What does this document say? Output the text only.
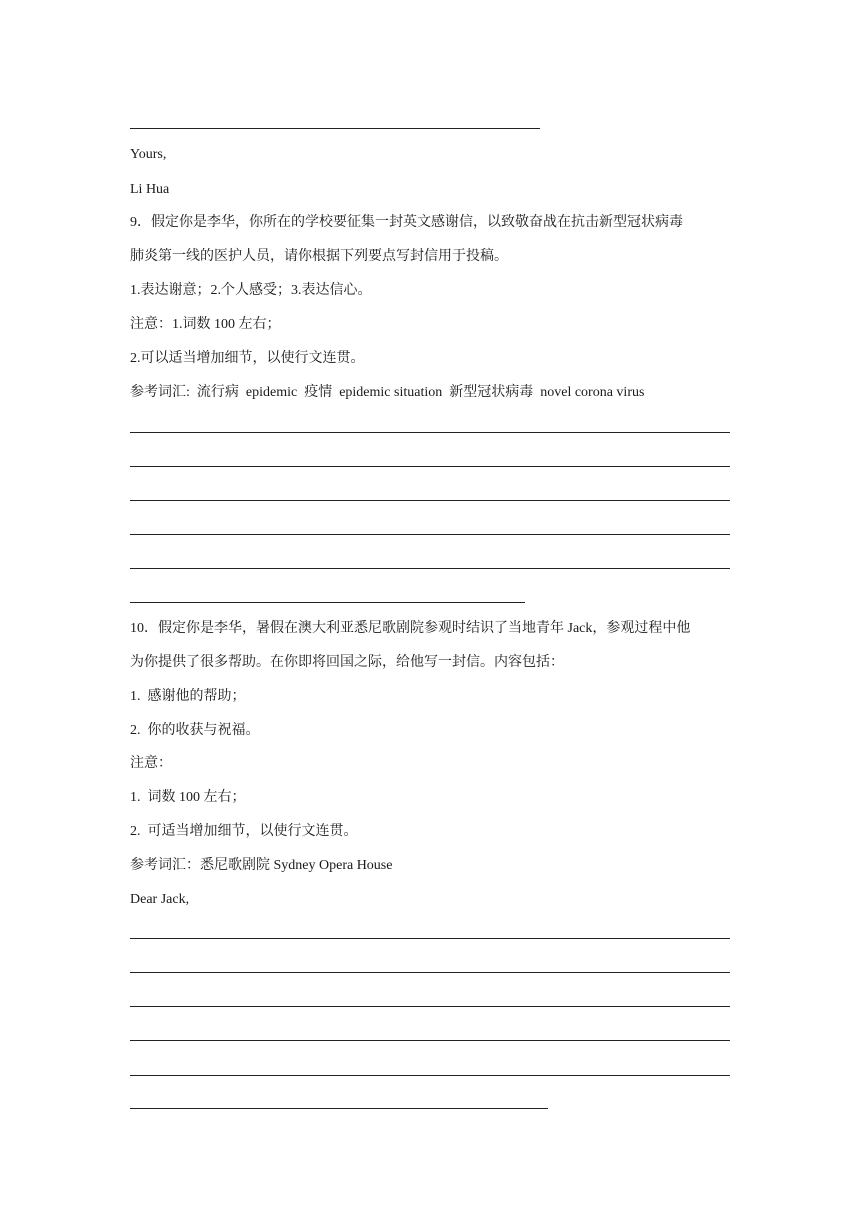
Yours,
Li Hua
9．假定你是李华，你所在的学校要征集一封英文感谢信，以致敬奋战在抗击新型冠状病毒
肺炎第一线的医护人员，请你根据下列要点写封信用于投稿。
1.表达谢意；2.个人感受；3.表达信心。
注意：1.词数 100 左右；
2.可以适当增加细节，以使行文连贯。
参考词汇:  流行病  epidemic  疫情  epidemic situation  新型冠状病毒  novel corona virus
10．假定你是李华，暑假在澳大利亚悉尼歌剧院参观时结识了当地青年 Jack，参观过程中他
为你提供了很多帮助。在你即将回国之际，给他写一封信。内容包括：
1.  感谢他的帮助；
2.  你的收获与祝福。
注意：
1.  词数 100 左右；
2.  可适当增加细节，以使行文连贯。
参考词汇：悉尼歌剧院 Sydney Opera House
Dear Jack,
